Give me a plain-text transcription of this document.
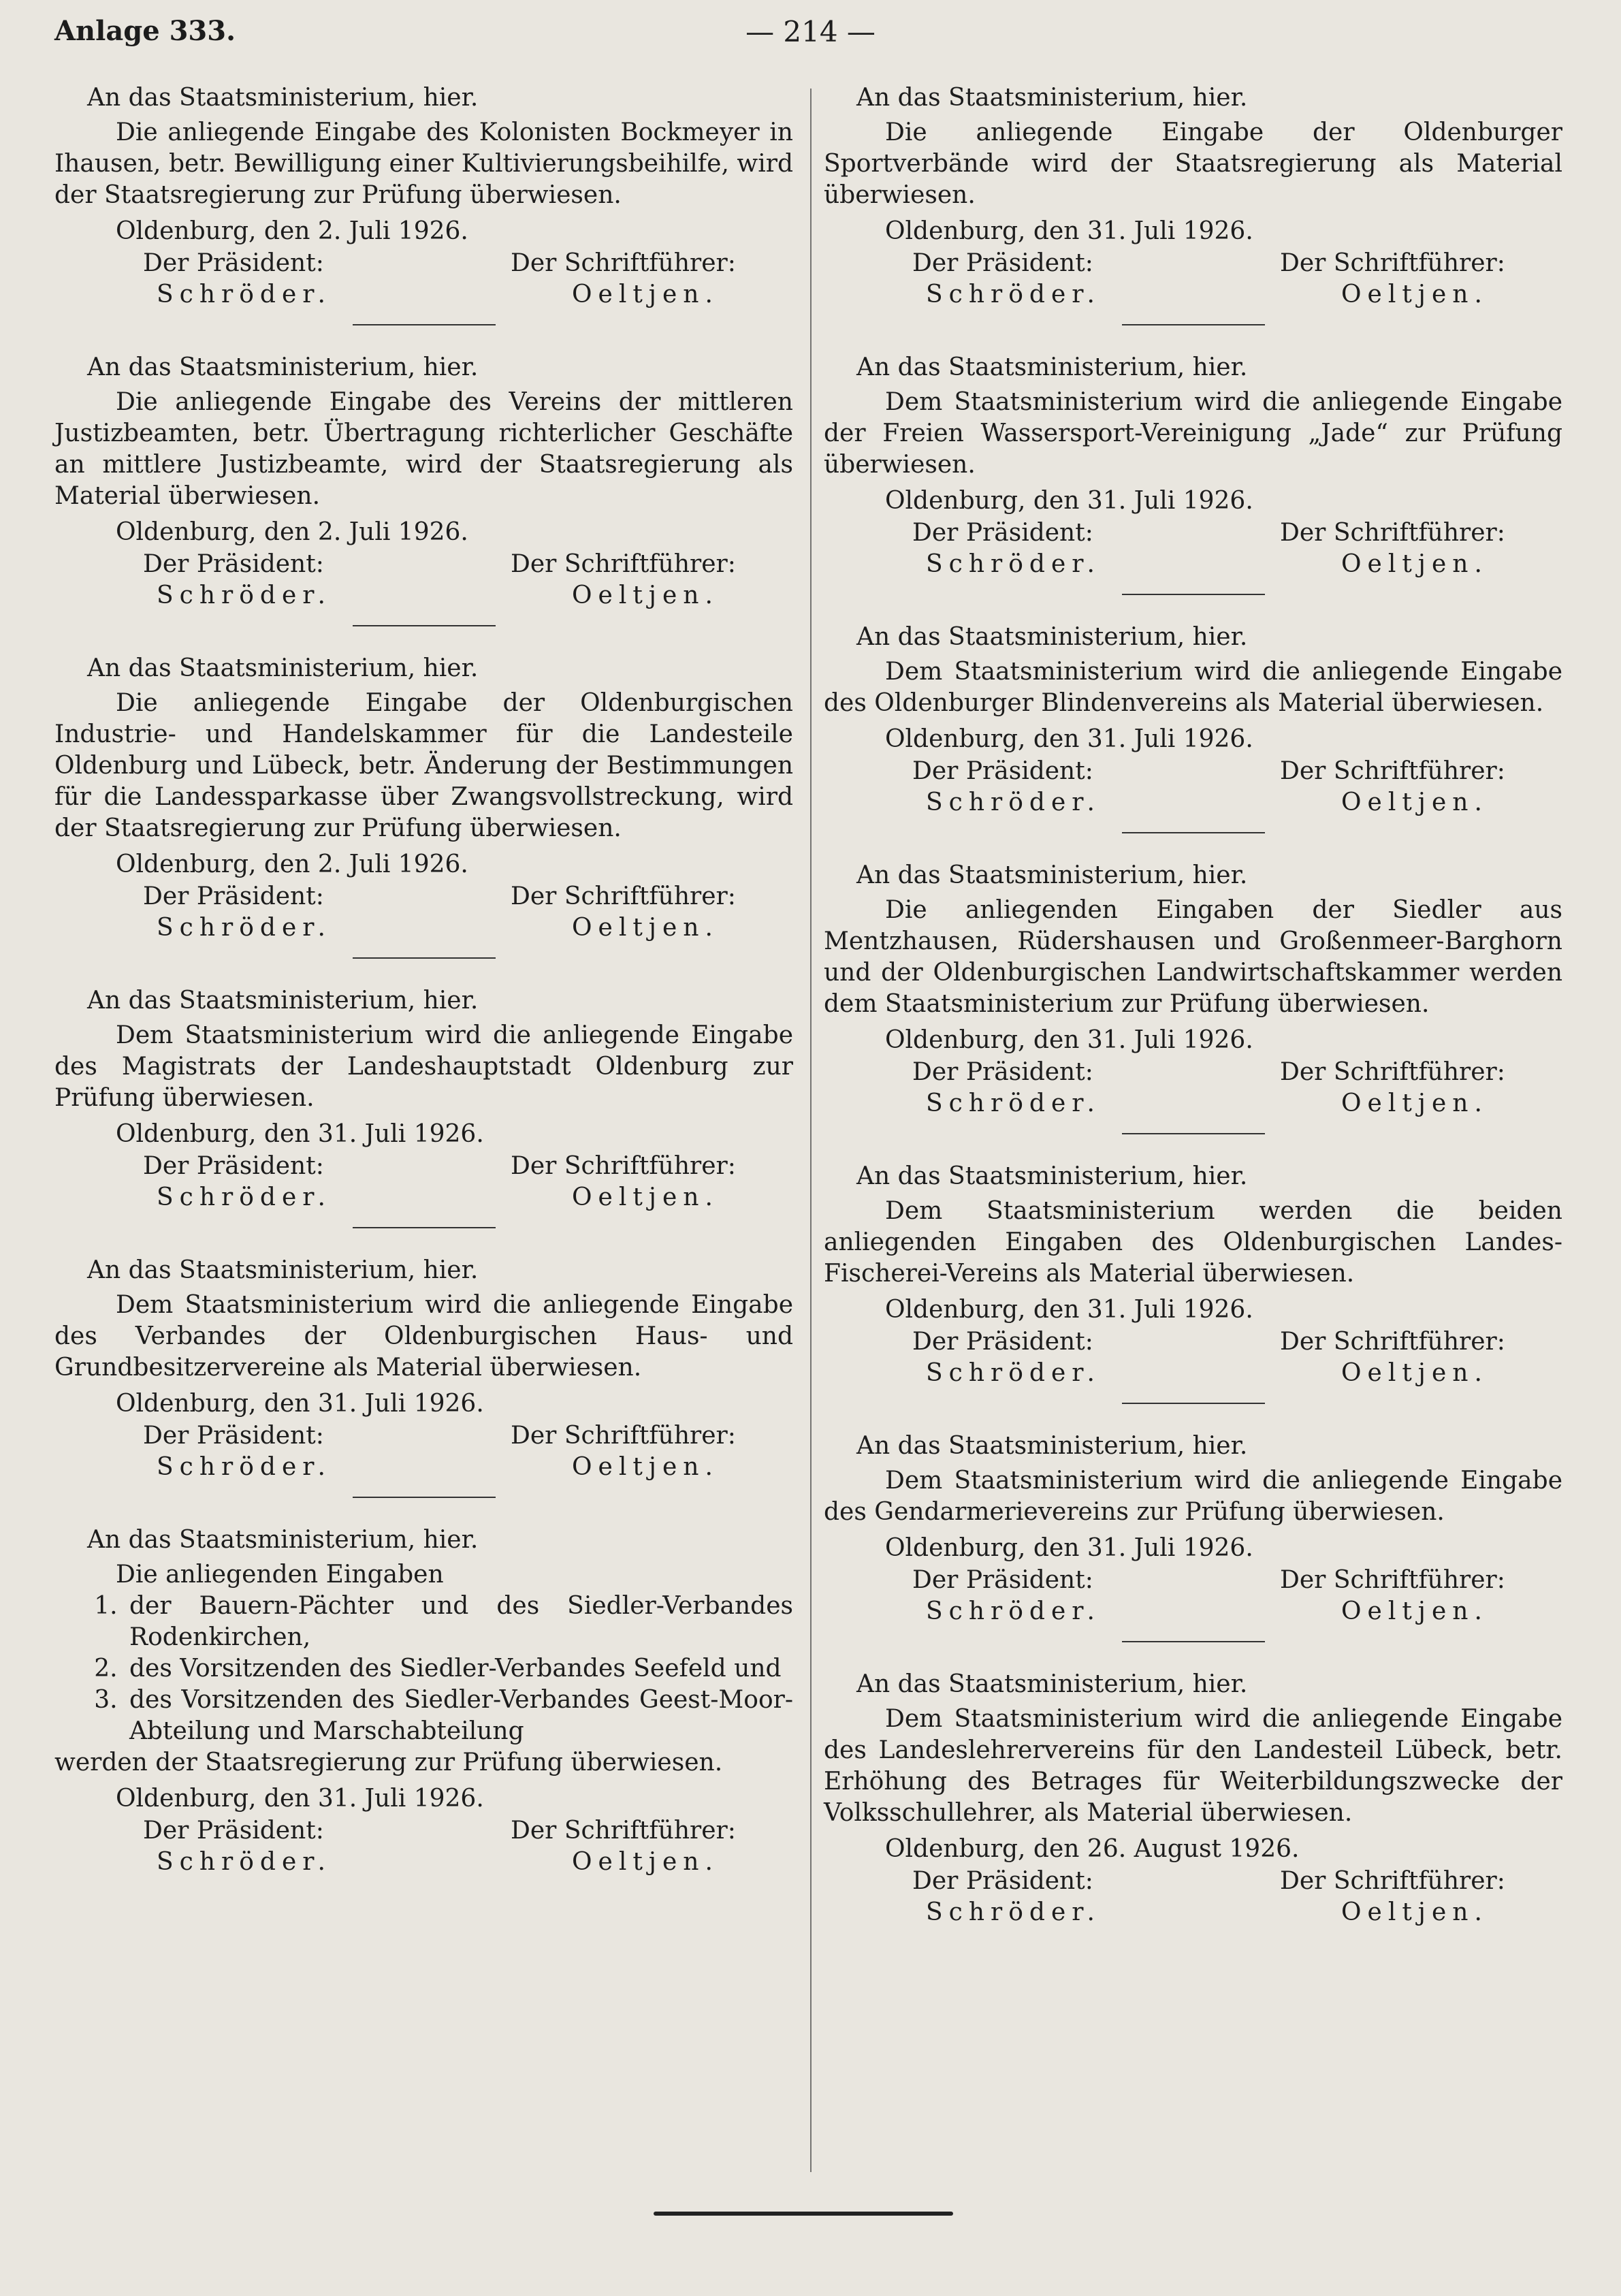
Anlage 333.	— 214 —
An das Staatsministerium, hier.

Die anliegende Eingabe des Kolonisten Bockmeyer in Ihausen, betr. Bewilligung einer Kultivierungsbeihilfe, wird der Staatsregierung zur Prüfung überwiesen.

Oldenburg, den 2. Juli 1926.
Der Präsident:	Der Schriftführer:
Schröder.	Oeltjen.
An das Staatsministerium, hier.

Die anliegende Eingabe des Vereins der mittleren Justizbeamten, betr. Übertragung richterlicher Geschäfte an mittlere Justizbeamte, wird der Staatsregierung als Material überwiesen.

Oldenburg, den 2. Juli 1926.
Der Präsident:	Der Schriftführer:
Schröder.	Oeltjen.
An das Staatsministerium, hier.

Die anliegende Eingabe der Oldenburgischen Industrie- und Handelskammer für die Landesteile Oldenburg und Lübeck, betr. Änderung der Bestimmungen für die Landessparkasse über Zwangsvollstreckung, wird der Staatsregierung zur Prüfung überwiesen.

Oldenburg, den 2. Juli 1926.
Der Präsident:	Der Schriftführer:
Schröder.	Oeltjen.
An das Staatsministerium, hier.

Dem Staatsministerium wird die anliegende Eingabe des Magistrats der Landeshauptstadt Oldenburg zur Prüfung überwiesen.

Oldenburg, den 31. Juli 1926.
Der Präsident:	Der Schriftführer:
Schröder.	Oeltjen.
An das Staatsministerium, hier.

Dem Staatsministerium wird die anliegende Eingabe des Verbandes der Oldenburgischen Haus- und Grundbesitzervereine als Material überwiesen.

Oldenburg, den 31. Juli 1926.
Der Präsident:	Der Schriftführer:
Schröder.	Oeltjen.
An das Staatsministerium, hier.
Die anliegenden Eingaben
1. der Bauern-Pächter und des Siedler-Verbandes Rodenkirchen,
2. des Vorsitzenden des Siedler-Verbandes Seefeld und
3. des Vorsitzenden des Siedler-Verbandes Geest-Moor-Abteilung und Marschabteilung
werden der Staatsregierung zur Prüfung überwiesen.
Oldenburg, den 31. Juli 1926.
Der Präsident:	Der Schriftführer:
Schröder.	Oeltjen.
An das Staatsministerium, hier.

Die anliegende Eingabe der Oldenburger Sportverbände wird der Staatsregierung als Material überwiesen.

Oldenburg, den 31. Juli 1926.
Der Präsident:	Der Schriftführer:
Schröder.	Oeltjen.
An das Staatsministerium, hier.

Dem Staatsministerium wird die anliegende Eingabe der Freien Wassersport-Vereinigung „Jade“ zur Prüfung überwiesen.

Oldenburg, den 31. Juli 1926.
Der Präsident:	Der Schriftführer:
Schröder.	Oeltjen.
An das Staatsministerium, hier.

Dem Staatsministerium wird die anliegende Eingabe des Oldenburger Blindenvereins als Material überwiesen.

Oldenburg, den 31. Juli 1926.
Der Präsident:	Der Schriftführer:
Schröder.	Oeltjen.
An das Staatsministerium, hier.

Die anliegenden Eingaben der Siedler aus Mentzhausen, Rüdershausen und Großenmeer-Barghorn und der Oldenburgischen Landwirtschaftskammer werden dem Staatsministerium zur Prüfung überwiesen.

Oldenburg, den 31. Juli 1926.
Der Präsident:	Der Schriftführer:
Schröder.	Oeltjen.
An das Staatsministerium, hier.

Dem Staatsministerium werden die beiden anliegenden Eingaben des Oldenburgischen Landes-Fischerei-Vereins als Material überwiesen.

Oldenburg, den 31. Juli 1926.
Der Präsident:	Der Schriftführer:
Schröder.	Oeltjen.
An das Staatsministerium, hier.

Dem Staatsministerium wird die anliegende Eingabe des Gendarmerievereins zur Prüfung überwiesen.

Oldenburg, den 31. Juli 1926.
Der Präsident:	Der Schriftführer:
Schröder.	Oeltjen.
An das Staatsministerium, hier.

Dem Staatsministerium wird die anliegende Eingabe des Landeslehrervereins für den Landesteil Lübeck, betr. Erhöhung des Betrages für Weiterbildungszwecke der Volksschullehrer, als Material überwiesen.

Oldenburg, den 26. August 1926.
Der Präsident:	Der Schriftführer:
Schröder.	Oeltjen.
